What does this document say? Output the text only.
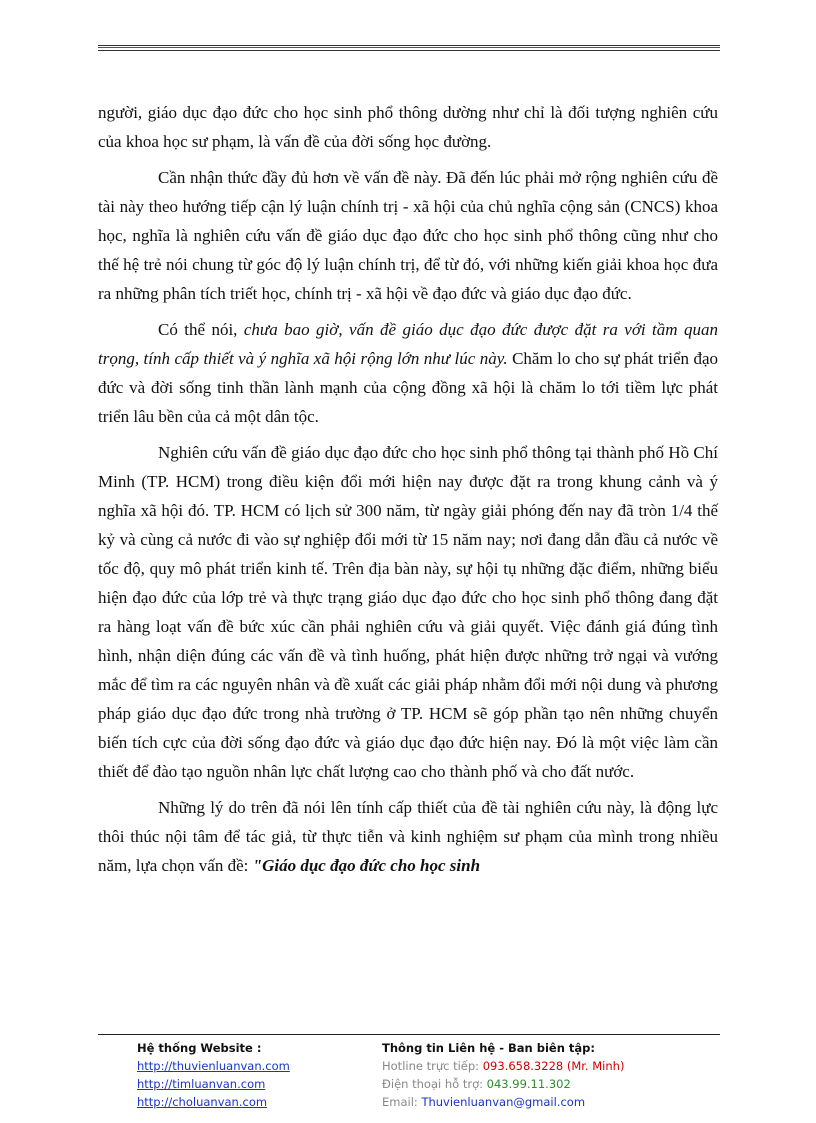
người, giáo dục đạo đức cho học sinh phổ thông dường như chỉ là đối tượng nghiên cứu của khoa học sư phạm, là vấn đề của đời sống học đường.

Cần nhận thức đầy đủ hơn về vấn đề này. Đã đến lúc phải mở rộng nghiên cứu đề tài này theo hướng tiếp cận lý luận chính trị - xã hội của chủ nghĩa cộng sản (CNCS) khoa học, nghĩa là nghiên cứu vấn đề giáo dục đạo đức cho học sinh phổ thông cũng như cho thế hệ trẻ nói chung từ góc độ lý luận chính trị, để từ đó, với những kiến giải khoa học đưa ra những phân tích triết học, chính trị - xã hội về đạo đức và giáo dục đạo đức.

Có thể nói, chưa bao giờ, vấn đề giáo dục đạo đức được đặt ra với tầm quan trọng, tính cấp thiết và ý nghĩa xã hội rộng lớn như lúc này. Chăm lo cho sự phát triển đạo đức và đời sống tinh thần lành mạnh của cộng đồng xã hội là chăm lo tới tiềm lực phát triển lâu bền của cả một dân tộc.

Nghiên cứu vấn đề giáo dục đạo đức cho học sinh phổ thông tại thành phố Hồ Chí Minh (TP. HCM) trong điều kiện đổi mới hiện nay được đặt ra trong khung cảnh và ý nghĩa xã hội đó. TP. HCM có lịch sử 300 năm, từ ngày giải phóng đến nay đã tròn 1/4 thế kỷ và cùng cả nước đi vào sự nghiệp đổi mới từ 15 năm nay; nơi đang dẫn đầu cả nước về tốc độ, quy mô phát triển kinh tế. Trên địa bàn này, sự hội tụ những đặc điểm, những biểu hiện đạo đức của lớp trẻ và thực trạng giáo dục đạo đức cho học sinh phổ thông đang đặt ra hàng loạt vấn đề bức xúc cần phải nghiên cứu và giải quyết. Việc đánh giá đúng tình hình, nhận diện đúng các vấn đề và tình huống, phát hiện được những trở ngại và vướng mắc để tìm ra các nguyên nhân và đề xuất các giải pháp nhằm đổi mới nội dung và phương pháp giáo dục đạo đức trong nhà trường ở TP. HCM sẽ góp phần tạo nên những chuyển biến tích cực của đời sống đạo đức và giáo dục đạo đức hiện nay. Đó là một việc làm cần thiết để đào tạo nguồn nhân lực chất lượng cao cho thành phố và cho đất nước.

Những lý do trên đã nói lên tính cấp thiết của đề tài nghiên cứu này, là động lực thôi thúc nội tâm để tác giả, từ thực tiễn và kinh nghiệm sư phạm của mình trong nhiều năm, lựa chọn vấn đề: "Giáo dục đạo đức cho học sinh

Hệ thống Website :
http://thuvienluanvan.com
http://timluanvan.com
http://choluanvan.com
Thông tin Liên hệ - Ban biên tập:
Hotline trực tiếp: 093.658.3228 (Mr. Minh)
Điện thoại hỗ trợ: 043.99.11.302
Email: Thuvienluanvan@gmail.com
